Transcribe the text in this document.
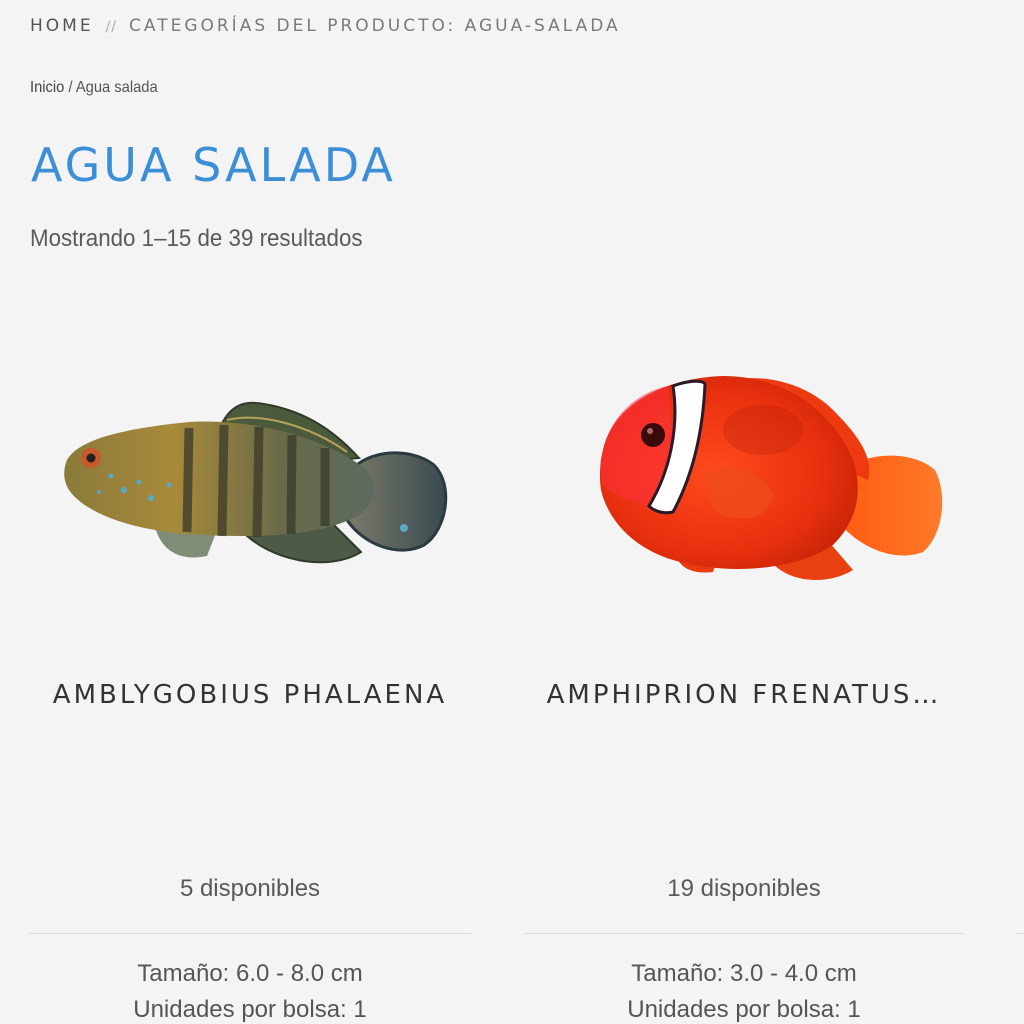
HOME // CATEGORÍAS DEL PRODUCTO: AGUA-SALADA
Inicio / Agua salada
AGUA SALADA
Mostrando 1–15 de 39 resultados
AMBLYGOBIUS PHALAENA
5 disponibles
Tamaño: 6.0 - 8.0 cm
Unidades por bolsa: 1
AMPHIPRION FRENATUS…
19 disponibles
Tamaño: 3.0 - 4.0 cm
Unidades por bolsa: 1
